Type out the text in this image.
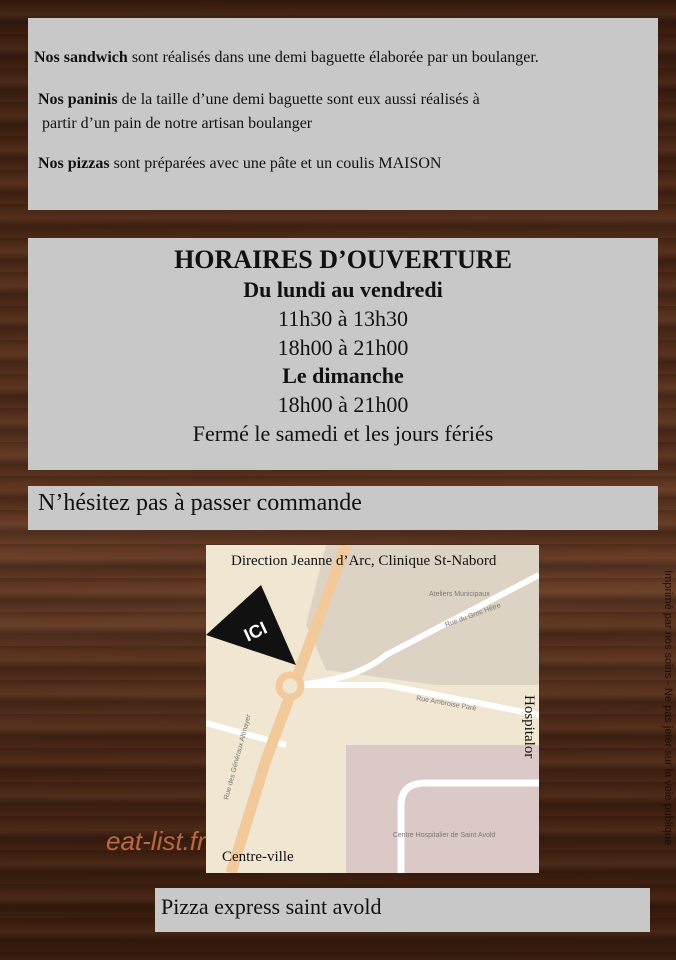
Nos sandwich sont réalisés dans une demi baguette élaborée par un boulanger.

Nos paninis de la taille d’une demi baguette sont eux aussi réalisés à
partir d’un pain de notre artisan boulanger

Nos pizzas sont préparées avec une pâte et un coulis MAISON

HORAIRES D’OUVERTURE
Du lundi au vendredi
11h30 à 13h30
18h00 à 21h00
Le dimanche
18h00 à 21h00
Fermé le samedi et les jours fériés
N’hésitez pas à passer commande
ICI
Ateliers Municipaux
Rue du Gros Hêtre
Rue Ambroise Paré
Rue des Généraux Altmayer
Centre Hospitalier de Saint Avold
Direction Jeanne d’Arc, Clinique St-Nabord
Hospitalor
Centre-ville
eat-list.fr
Pizza express saint avold
Imprimé par nos soins - Ne pas jeter sur la voie publique
